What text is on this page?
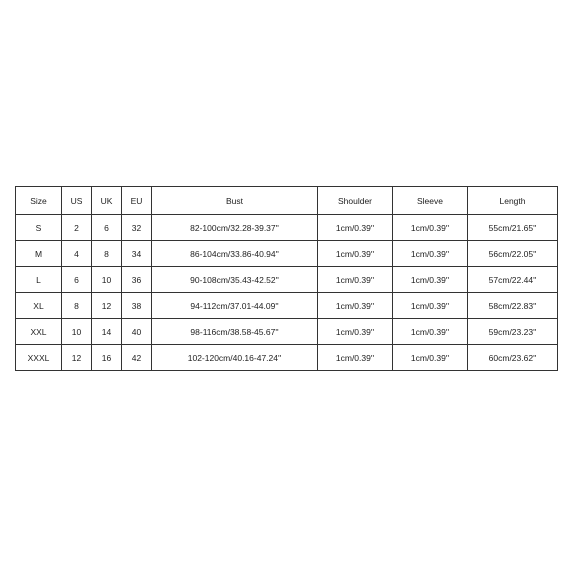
Size	US	UK	EU	Bust	Shoulder	Sleeve	Length
S	2	6	32	82-100cm/32.28-39.37''	1cm/0.39''	1cm/0.39''	55cm/21.65''
M	4	8	34	86-104cm/33.86-40.94''	1cm/0.39''	1cm/0.39''	56cm/22.05''
L	6	10	36	90-108cm/35.43-42.52''	1cm/0.39''	1cm/0.39''	57cm/22.44''
XL	8	12	38	94-112cm/37.01-44.09''	1cm/0.39''	1cm/0.39''	58cm/22.83''
XXL	10	14	40	98-116cm/38.58-45.67''	1cm/0.39''	1cm/0.39''	59cm/23.23''
XXXL	12	16	42	102-120cm/40.16-47.24''	1cm/0.39''	1cm/0.39''	60cm/23.62''
